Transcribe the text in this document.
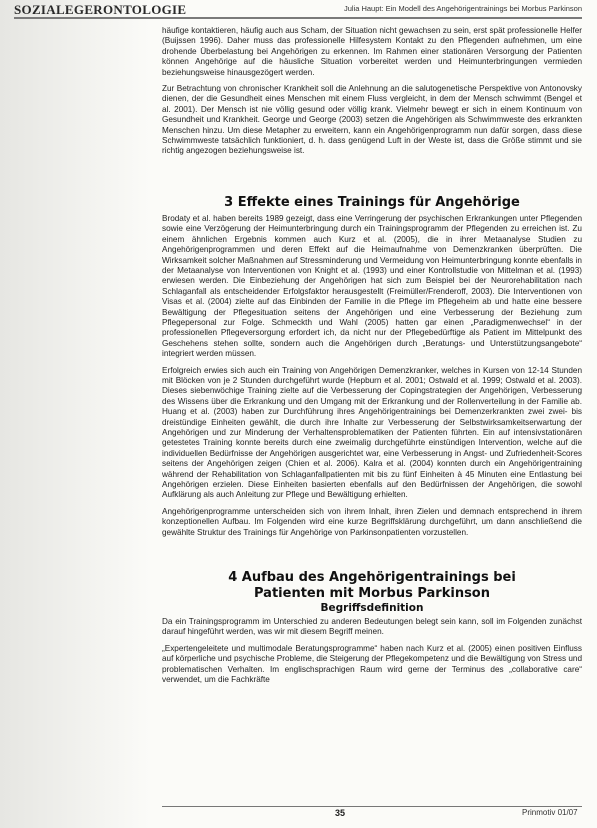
SOZIALEGERONTOLOGIE	Julia Haupt: Ein Modell des Angehörigentrainings bei Morbus Parkinson

häufige kontaktieren, häufig auch aus Scham, der Situation nicht gewachsen zu sein, erst spät professionelle Helfer (Buijssen 1996). Daher muss das professionelle Hilfesystem Kontakt zu den Pflegenden aufnehmen, um eine drohende Überbelastung bei Angehörigen zu erkennen. Im Rahmen einer stationären Versorgung der Patienten können Angehörige auf die häusliche Situation vorbereitet werden und Heimunterbringungen vermieden beziehungsweise hinausgezögert werden.

Zur Betrachtung von chronischer Krankheit soll die Anlehnung an die salutogenetische Perspektive von Antonovsky dienen, der die Gesundheit eines Menschen mit einem Fluss vergleicht, in dem der Mensch schwimmt (Bengel et al. 2001). Der Mensch ist nie völlig gesund oder völlig krank. Vielmehr bewegt er sich in einem Kontinuum von Gesundheit und Krankheit. George und George (2003) setzen die Angehörigen als Schwimmweste des erkrankten Menschen hinzu. Um diese Metapher zu erweitern, kann ein Angehörigenprogramm nun dafür sorgen, dass diese Schwimmweste tatsächlich funktioniert, d. h. dass genügend Luft in der Weste ist, dass die Größe stimmt und sie richtig angezogen beziehungsweise ist.

3 Effekte eines Trainings für Angehörige

Brodaty et al. haben bereits 1989 gezeigt, dass eine Verringerung der psychischen Erkrankungen unter Pflegenden sowie eine Verzögerung der Heimunterbringung durch ein Trainingsprogramm der Pflegenden zu erreichen ist. Zu einem ähnlichen Ergebnis kommen auch Kurz et al. (2005), die in ihrer Metaanalyse Studien zu Angehörigenprogrammen und deren Effekt auf die Heimaufnahme von Demenzkranken überprüften. Die Wirksamkeit solcher Maßnahmen auf Stressminderung und Vermeidung von Heimunterbringung konnte ebenfalls in der Metaanalyse von Interventionen von Knight et al. (1993) und einer Kontrollstudie von Mittelman et al. (1993) erwiesen werden. Die Einbeziehung der Angehörigen hat sich zum Beispiel bei der Neurorehabilitation nach Schlaganfall als entscheidender Erfolgsfaktor herausgestellt (Freimüller/Frenderoff, 2003). Die Interventionen von Visas et al. (2004) zielte auf das Einbinden der Familie in die Pflege im Pflegeheim ab und hatte eine bessere Bewältigung der Pflegesituation seitens der Angehörigen und eine Verbesserung der Beziehung zum Pflegepersonal zur Folge. Schmeckth und Wahl (2005) hatten gar einen „Paradigmenwechsel“ in der professionellen Pflegeversorgung erfordert ich, da nicht nur der Pflegebedürftige als Patient im Mittelpunkt des Geschehens stehen sollte, sondern auch die Angehörigen durch „Beratungs- und Unterstützungsangebote“ integriert werden müssen.

Erfolgreich erwies sich auch ein Training von Angehörigen Demenzkranker, welches in Kursen von 12-14 Stunden mit Blöcken von je 2 Stunden durchgeführt wurde (Hepburn et al. 2001; Ostwald et al. 1999; Ostwald et al. 2003). Dieses siebenwöchige Training zielte auf die Verbesserung der Copingstrategien der Angehörigen, Verbesserung des Wissens über die Erkrankung und den Umgang mit der Erkrankung und der Rollenverteilung in der Familie ab. Huang et al. (2003) haben zur Durchführung ihres Angehörigentrainings bei Demenzerkrankten zwei zwei- bis dreistündige Einheiten gewählt, die durch ihre Inhalte zur Verbesserung der Selbstwirksamkeitserwartung der Angehörigen und zur Minderung der Verhaltensproblematiken der Patienten führten. Ein auf intensivstationären getestetes Training konnte bereits durch eine zweimalig durchgeführte einstündigen Intervention, welche auf die individuellen Bedürfnisse der Angehörigen ausgerichtet war, eine Verbesserung in Angst- und Zufriedenheit-Scores seitens der Angehörigen zeigen (Chien et al. 2006). Kalra et al. (2004) konnten durch ein Angehörigentraining während der Rehabilitation von Schlaganfallpatienten mit bis zu fünf Einheiten à 45 Minuten eine Entlastung bei Angehörigen erzielen. Diese Einheiten basierten ebenfalls auf den Bedürfnissen der Angehörigen, die sowohl Aufklärung als auch Anleitung zur Pflege und Bewältigung erhielten.

Angehörigenprogramme unterscheiden sich von ihrem Inhalt, ihren Zielen und demnach entsprechend in ihrem konzeptionellen Aufbau. Im Folgenden wird eine kurze Begriffsklärung durchgeführt, um dann anschließend die gewählte Struktur des Trainings für Angehörige von Parkinsonpatienten vorzustellen.

4 Aufbau des Angehörigentrainings bei
Patienten mit Morbus Parkinson
Begriffsdefinition

Da ein Trainingsprogramm im Unterschied zu anderen Bedeutungen belegt sein kann, soll im Folgenden zunächst darauf hingeführt werden, was wir mit diesem Begriff meinen.

„Expertengeleitete und multimodale Beratungsprogramme“ haben nach Kurz et al. (2005) einen positiven Einfluss auf körperliche und psychische Probleme, die Steigerung der Pflegekompetenz und die Bewältigung von Stress und problematischen Verhalten. Im englischsprachigen Raum wird gerne der Terminus des „collaborative care“ verwendet, um die Fachkräfte

35	Prinmotiv 01/07
